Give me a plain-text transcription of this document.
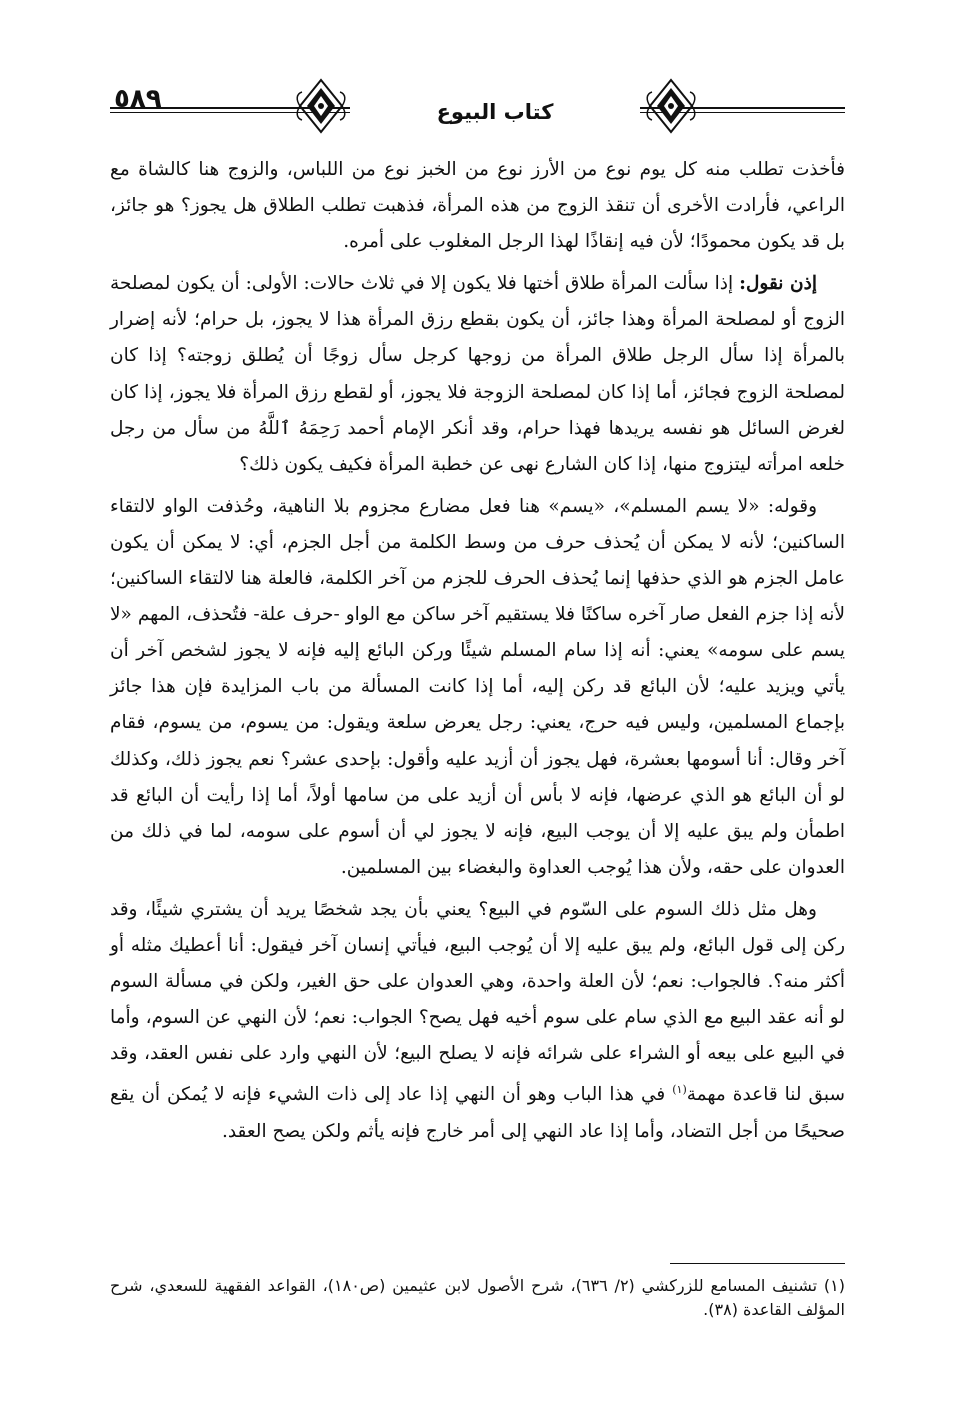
٥٨٩	كتاب البيوع

فأخذت تطلب منه كل يوم نوع من الأرز نوع من الخبز نوع من اللباس، والزوج هنا كالشاة مع الراعي، فأرادت الأخرى أن تنقذ الزوج من هذه المرأة، فذهبت تطلب الطلاق هل يجوز؟ هو جائز، بل قد يكون محمودًا؛ لأن فيه إنقاذًا لهذا الرجل المغلوب على أمره.

إذن نقول: إذا سألت المرأة طلاق أختها فلا يكون إلا في ثلاث حالات: الأولى: أن يكون لمصلحة الزوج أو لمصلحة المرأة وهذا جائز، أن يكون بقطع رزق المرأة هذا لا يجوز، بل حرام؛ لأنه إضرار بالمرأة إذا سأل الرجل طلاق المرأة من زوجها كرجل سأل زوجًا أن يُطلق زوجته؟ إذا كان لمصلحة الزوج فجائز، أما إذا كان لمصلحة الزوجة فلا يجوز، أو لقطع رزق المرأة فلا يجوز، إذا كان لغرض السائل هو نفسه يريدها فهذا حرام، وقد أنكر الإمام أحمد رَحِمَهُ ٱللَّهُ من سأل من رجل خلعه امرأته ليتزوج منها، إذا كان الشارع نهى عن خطبة المرأة فكيف يكون ذلك؟

وقوله: «لا يسم المسلم»، «يسم» هنا فعل مضارع مجزوم بلا الناهية، وحُذفت الواو لالتقاء الساكنين؛ لأنه لا يمكن أن يُحذف حرف من وسط الكلمة من أجل الجزم، أي: لا يمكن أن يكون عامل الجزم هو الذي حذفها إنما يُحذف الحرف للجزم من آخر الكلمة، فالعلة هنا لالتقاء الساكنين؛ لأنه إذا جزم الفعل صار آخره ساكنًا فلا يستقيم آخر ساكن مع الواو -حرف علة- فتُحذف، المهم «لا يسم على سومه» يعني: أنه إذا سام المسلم شيئًا وركن البائع إليه فإنه لا يجوز لشخص آخر أن يأتي ويزيد عليه؛ لأن البائع قد ركن إليه، أما إذا كانت المسألة من باب المزايدة فإن هذا جائز بإجماع المسلمين، وليس فيه حرج، يعني: رجل يعرض سلعة ويقول: من يسوم، من يسوم، فقام آخر وقال: أنا أسومها بعشرة، فهل يجوز أن أزيد عليه وأقول: بإحدى عشر؟ نعم يجوز ذلك، وكذلك لو أن البائع هو الذي عرضها، فإنه لا بأس أن أزيد على من سامها أولاً، أما إذا رأيت أن البائع قد اطمأن ولم يبق عليه إلا أن يوجب البيع، فإنه لا يجوز لي أن أسوم على سومه، لما في ذلك من العدوان على حقه، ولأن هذا يُوجب العداوة والبغضاء بين المسلمين.

وهل مثل ذلك السوم على السّوم في البيع؟ يعني بأن يجد شخصًا يريد أن يشتري شيئًا، وقد ركن إلى قول البائع، ولم يبق عليه إلا أن يُوجب البيع، فيأتي إنسان آخر فيقول: أنا أعطيك مثله أو أكثر منه؟. فالجواب: نعم؛ لأن العلة واحدة، وهي العدوان على حق الغير، ولكن في مسألة السوم لو أنه عقد البيع مع الذي سام على سوم أخيه فهل يصح؟ الجواب: نعم؛ لأن النهي عن السوم، وأما في البيع على بيعه أو الشراء على شرائه فإنه لا يصلح البيع؛ لأن النهي وارد على نفس العقد، وقد سبق لنا قاعدة مهمة$^{(١)}$ في هذا الباب وهو أن النهي إذا عاد إلى ذات الشيء فإنه لا يُمكن أن يقع صحيحًا من أجل التضاد، وأما إذا عاد النهي إلى أمر خارج فإنه يأثم ولكن يصح العقد.

(١) تشنيف المسامع للزركشي (٢/ ٦٣٦)، شرح الأصول لابن عثيمين (ص١٨٠)، القواعد الفقهية للسعدي، شرح المؤلف القاعدة (٣٨).
